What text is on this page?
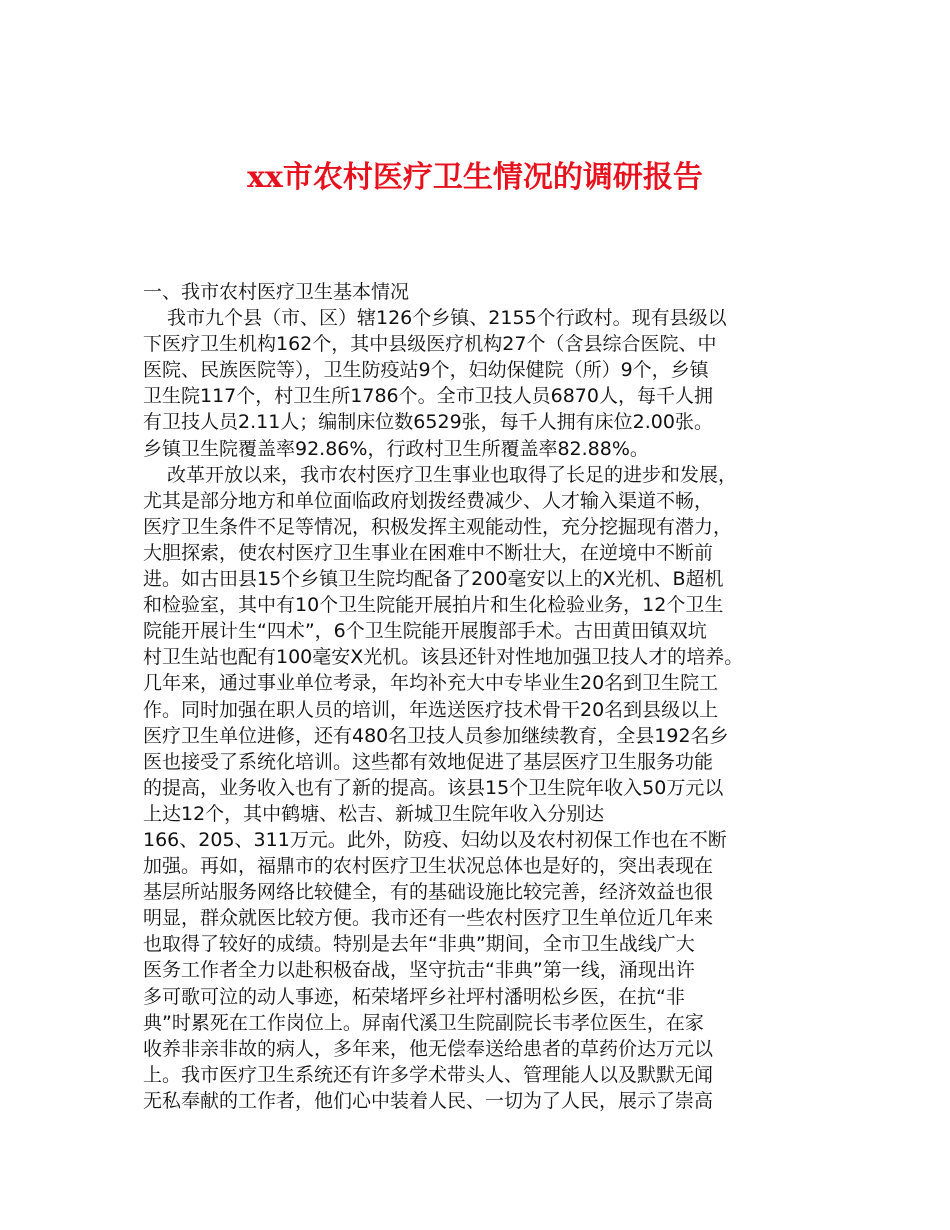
xx市农村医疗卫生情况的调研报告
一、我市农村医疗卫生基本情况
我市九个县（市、区）辖126个乡镇、2155个行政村。现有县级以
下医疗卫生机构162个，其中县级医疗机构27个（含县综合医院、中
医院、民族医院等），卫生防疫站9个，妇幼保健院（所）9个，乡镇
卫生院117个，村卫生所1786个。全市卫技人员6870人，每千人拥
有卫技人员2.11人；编制床位数6529张，每千人拥有床位2.00张。
乡镇卫生院覆盖率92.86%，行政村卫生所覆盖率82.88%。
改革开放以来，我市农村医疗卫生事业也取得了长足的进步和发展，
尤其是部分地方和单位面临政府划拨经费减少、人才输入渠道不畅，
医疗卫生条件不足等情况，积极发挥主观能动性，充分挖掘现有潜力，
大胆探索，使农村医疗卫生事业在困难中不断壮大，在逆境中不断前
进。如古田县15个乡镇卫生院均配备了200毫安以上的X光机、B超机
和检验室，其中有10个卫生院能开展拍片和生化检验业务，12个卫生
院能开展计生“四术”，6个卫生院能开展腹部手术。古田黄田镇双坑
村卫生站也配有100毫安X光机。该县还针对性地加强卫技人才的培养。
几年来，通过事业单位考录，年均补充大中专毕业生20名到卫生院工
作。同时加强在职人员的培训，年选送医疗技术骨干20名到县级以上
医疗卫生单位进修，还有480名卫技人员参加继续教育，全县192名乡
医也接受了系统化培训。这些都有效地促进了基层医疗卫生服务功能
的提高，业务收入也有了新的提高。该县15个卫生院年收入50万元以
上达12个，其中鹤塘、松吉、新城卫生院年收入分别达
166、205、311万元。此外，防疫、妇幼以及农村初保工作也在不断
加强。再如，福鼎市的农村医疗卫生状况总体也是好的，突出表现在
基层所站服务网络比较健全，有的基础设施比较完善，经济效益也很
明显，群众就医比较方便。我市还有一些农村医疗卫生单位近几年来
也取得了较好的成绩。特别是去年“非典”期间，全市卫生战线广大
医务工作者全力以赴积极奋战，坚守抗击“非典”第一线，涌现出许
多可歌可泣的动人事迹，柘荣堵坪乡社坪村潘明松乡医，在抗“非
典”时累死在工作岗位上。屏南代溪卫生院副院长韦孝位医生，在家
收养非亲非故的病人，多年来，他无偿奉送给患者的草药价达万元以
上。我市医疗卫生系统还有许多学术带头人、管理能人以及默默无闻
无私奉献的工作者，他们心中装着人民、一切为了人民，展示了崇高
